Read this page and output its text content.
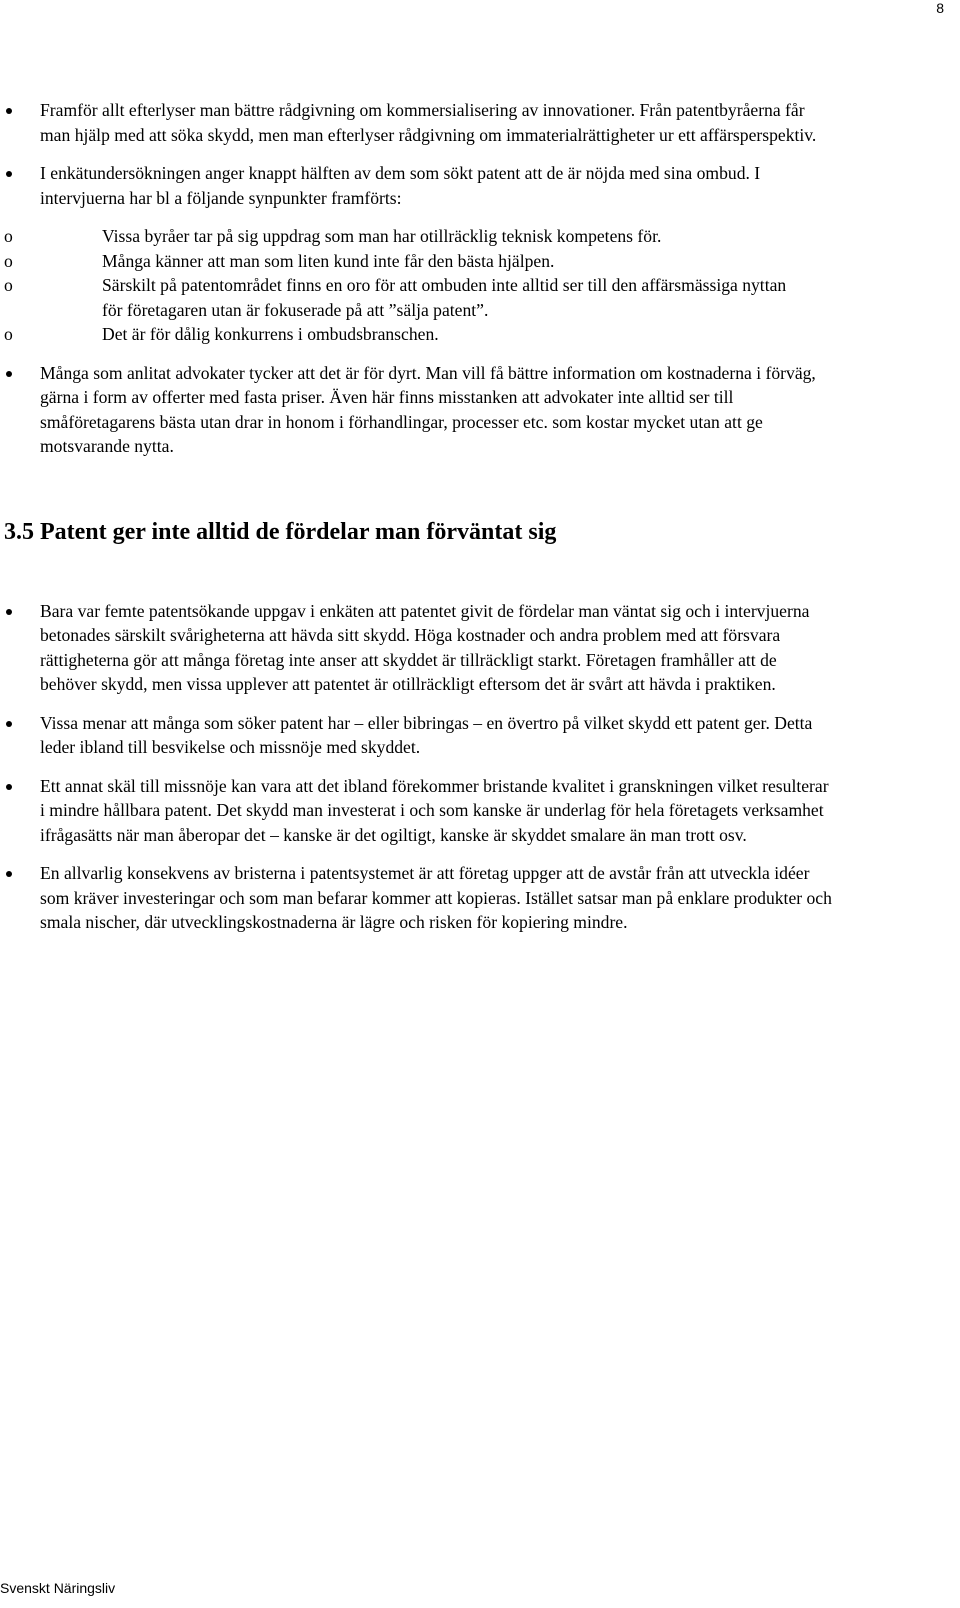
8

Framför allt efterlyser man bättre rådgivning om kommersialisering av innovationer. Från patentbyråerna får man hjälp med att söka skydd, men man efterlyser rådgivning om immaterialrättigheter ur ett affärsperspektiv.

I enkätundersökningen anger knappt hälften av dem som sökt patent att de är nöjda med sina ombud. I intervjuerna har bl a följande synpunkter framförts:

o	Vissa byråer tar på sig uppdrag som man har otillräcklig teknisk kompetens för.
o	Många känner att man som liten kund inte får den bästa hjälpen.
o	Särskilt på patentområdet finns en oro för att ombuden inte alltid ser till den affärsmässiga nyttan för företagaren utan är fokuserade på att ”sälja patent”.
o	Det är för dålig konkurrens i ombudsbranschen.

Många som anlitat advokater tycker att det är för dyrt. Man vill få bättre information om kostnaderna i förväg, gärna i form av offerter med fasta priser. Även här finns misstanken att advokater inte alltid ser till småföretagarens bästa utan drar in honom i förhandlingar, processer etc. som kostar mycket utan att ge motsvarande nytta.

3.5 Patent ger inte alltid de fördelar man förväntat sig

Bara var femte patentsökande uppgav i enkäten att patentet givit de fördelar man väntat sig och i intervjuerna betonades särskilt svårigheterna att hävda sitt skydd. Höga kostnader och andra problem med att försvara rättigheterna gör att många företag inte anser att skyddet är tillräckligt starkt. Företagen framhåller att de behöver skydd, men vissa upplever att patentet är otillräckligt eftersom det är svårt att hävda i praktiken.

Vissa menar att många som söker patent har – eller bibringas – en övertro på vilket skydd ett patent ger. Detta leder ibland till besvikelse och missnöje med skyddet.

Ett annat skäl till missnöje kan vara att det ibland förekommer bristande kvalitet i granskningen vilket resulterar i mindre hållbara patent. Det skydd man investerat i och som kanske är underlag för hela företagets verksamhet ifrågasätts när man åberopar det – kanske är det ogiltigt, kanske är skyddet smalare än man trott osv.

En allvarlig konsekvens av bristerna i patentsystemet är att företag uppger att de avstår från att utveckla idéer som kräver investeringar och som man befarar kommer att kopieras. Istället satsar man på enklare produkter och smala nischer, där utvecklingskostnaderna är lägre och risken för kopiering mindre.

Svenskt Näringsliv
